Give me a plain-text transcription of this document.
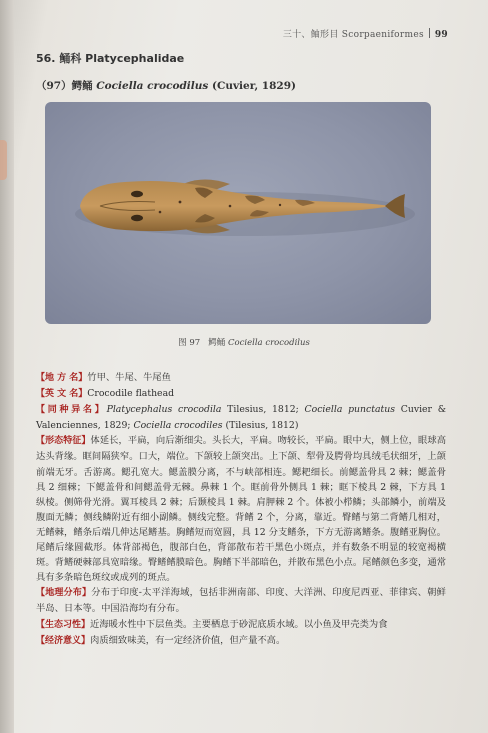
三十、鲉形目 Scorpaeniformes 99
56. 鲬科 Platycephalidae
（97）鳄鲬 Cociella crocodilus (Cuvier, 1829)
图 97 鳄鲬 Cociella crocodilus

【地 方 名】竹甲、牛尾、牛尾鱼

【英 文 名】Crocodile flathead

【同种异名】Platycephalus crocodila Tilesius, 1812; Cociella punctatus Cuvier & Valenciennes, 1829; Cociella crocodiles (Tilesius, 1812)

【形态特征】体延长，平扁，向后渐细尖。头长大，平扁。吻较长，平扁。眼中大，侧上位，眼球高达头背缘。眶间隔狭窄。口大，端位。下颌较上颌突出。上下颌、犁骨及腭骨均具绒毛状细牙，上颌前端无牙。舌游离。鳃孔宽大。鳃盖膜分离，不与峡部相连。鳃耙细长。前鳃盖骨具 2 棘；鳃盖骨具 2 细棘；下鳃盖骨和间鳃盖骨无棘。鼻棘 1 个。眶前骨外侧具 1 棘；眶下棱具 2 棘，下方具 1 纵棱。侧筛骨光滑。翼耳棱具 2 棘；后颞棱具 1 棘。肩胛棘 2 个。体被小栉鳞；头部鳞小，前端及腹面无鳞；侧线鳞附近有细小副鳞。侧线完整。背鳍 2 个，分离，靠近。臀鳍与第二背鳍几相对，无鳍棘，鳍条后端几伸达尾鳍基。胸鳍短而宽圆，具 12 分支鳍条，下方无游离鳍条。腹鳍亚胸位。尾鳍后缘圆截形。体背部褐色，腹部白色，背部散布若干黑色小斑点，并有数条不明显的较宽褐横斑。背鳍硬棘部具宽暗缘。臀鳍鳍膜暗色。胸鳍下半部暗色，并散布黑色小点。尾鳍颜色多变，通常具有多条暗色斑纹或成列的斑点。

【地理分布】分布于印度-太平洋海域，包括非洲南部、印度、大洋洲、印度尼西亚、菲律宾、朝鲜半岛、日本等。中国沿海均有分布。

【生态习性】近海暖水性中下层鱼类。主要栖息于砂泥底质水域。以小鱼及甲壳类为食

【经济意义】肉质细致味美，有一定经济价值，但产量不高。
